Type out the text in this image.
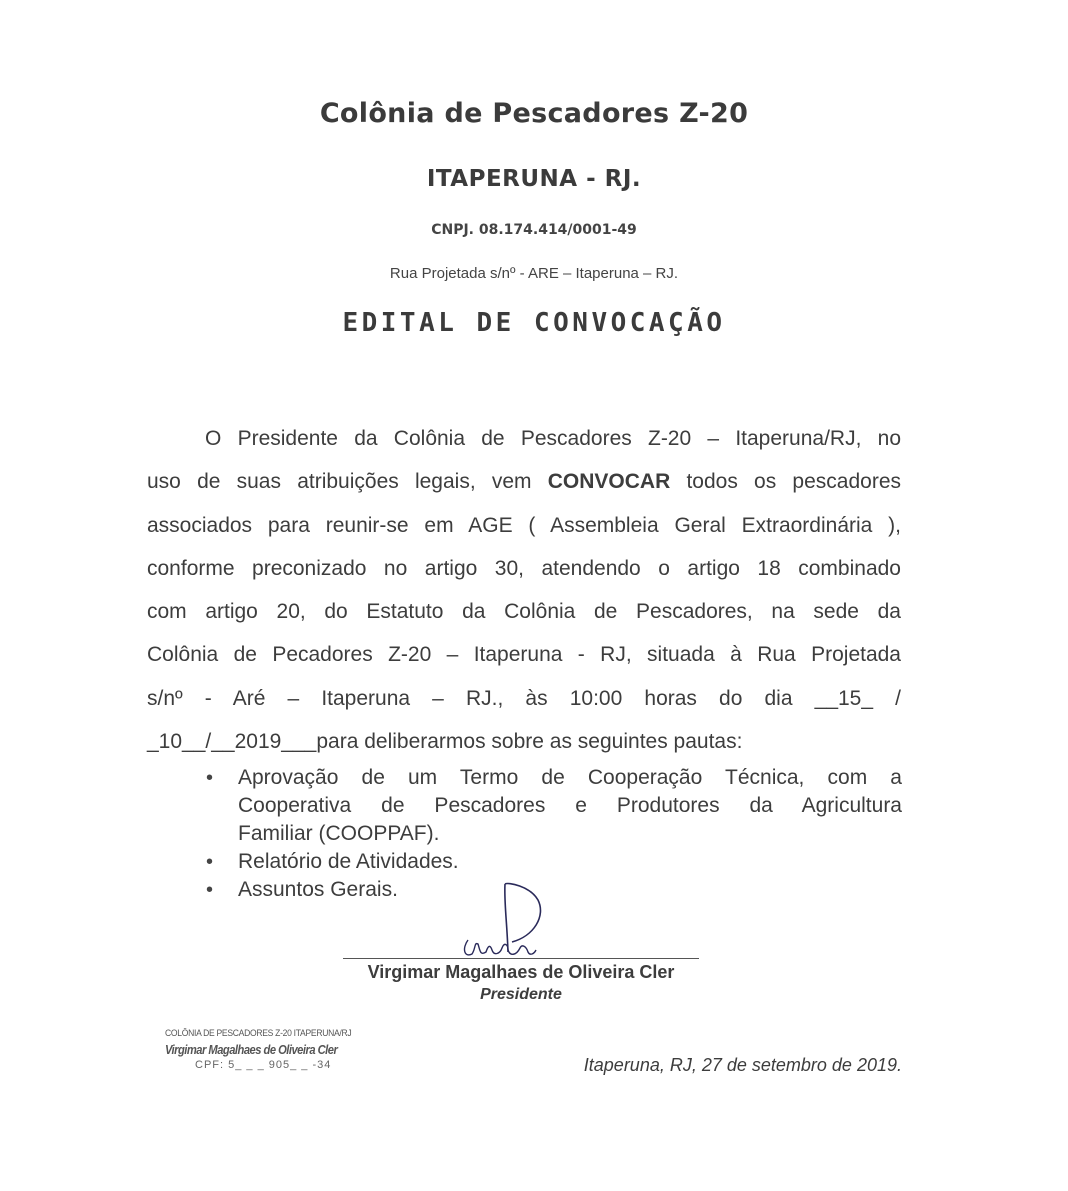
Colônia de Pescadores Z-20
ITAPERUNA - RJ.
CNPJ. 08.174.414/0001-49
Rua Projetada s/nº - ARE – Itaperuna – RJ.
EDITAL DE CONVOCAÇÃO
O Presidente da Colônia de Pescadores Z-20 – Itaperuna/RJ, no
uso de suas atribuições legais, vem CONVOCAR todos os pescadores
associados para reunir-se em AGE ( Assembleia Geral Extraordinária ),
conforme preconizado no artigo 30, atendendo o artigo 18 combinado
com artigo 20, do Estatuto da Colônia de Pescadores, na sede da
Colônia de Pecadores Z-20 – Itaperuna - RJ, situada à Rua Projetada
s/nº - Aré – Itaperuna – RJ., às 10:00 horas do dia __15_ /
_10__/__2019___para deliberarmos sobre as seguintes pautas:
• Aprovação de um Termo de Cooperação Técnica, com a
Cooperativa de Pescadores e Produtores da Agricultura
Familiar (COOPPAF).
• Relatório de Atividades.
• Assuntos Gerais.
Virgimar Magalhaes de Oliveira Cler
Presidente
COLÔNIA DE PESCADORES Z-20 ITAPERUNA/RJ
Virgimar Magalhaes de Oliveira Cler
CPF: 5_ _ _ 905_ _ -34	Itaperuna, RJ, 27 de setembro de 2019.
